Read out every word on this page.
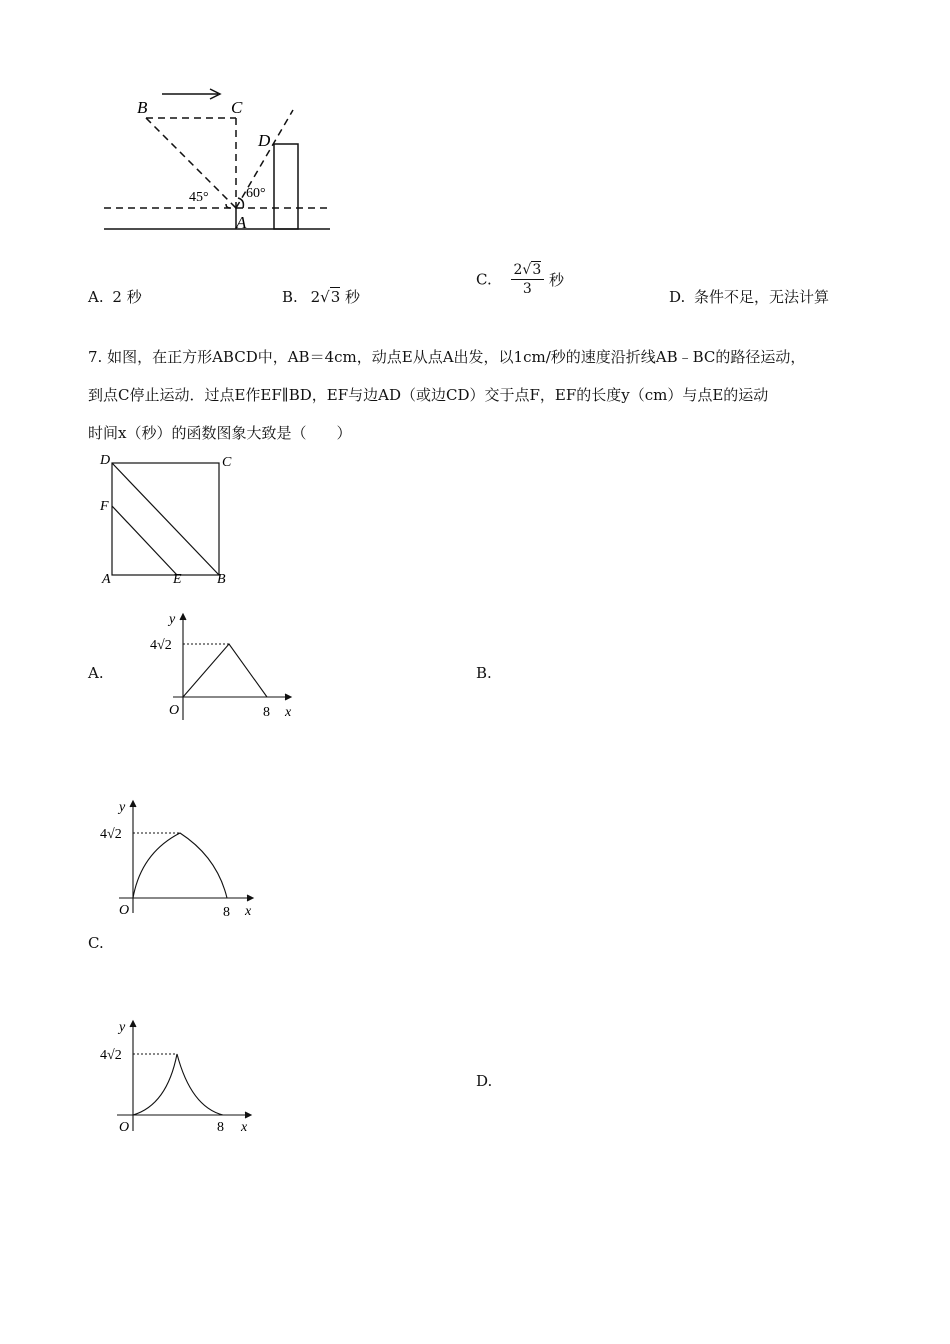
B	C
D
A
45°	60°
A. 2 秒	B. 2√3 秒
C. $\frac{2√3}{3}$ 秒
D. 条件不足，无法计算
7. 如图，在正方形ABCD中，AB＝4cm，动点E从点A出发，以1cm/秒的速度沿折线AB﹣BC的路径运动，
到点C停止运动．过点E作EF∥BD，EF与边AD（或边CD）交于点F，EF的长度y（cm）与点E的运动
时间x（秒）的函数图象大致是（　　）
D	C
F
A	E	B
A.	B.
C.
D.
y
4√2
O	8 x
y
4√2
O	8 x
y
4√2
O	8 x
